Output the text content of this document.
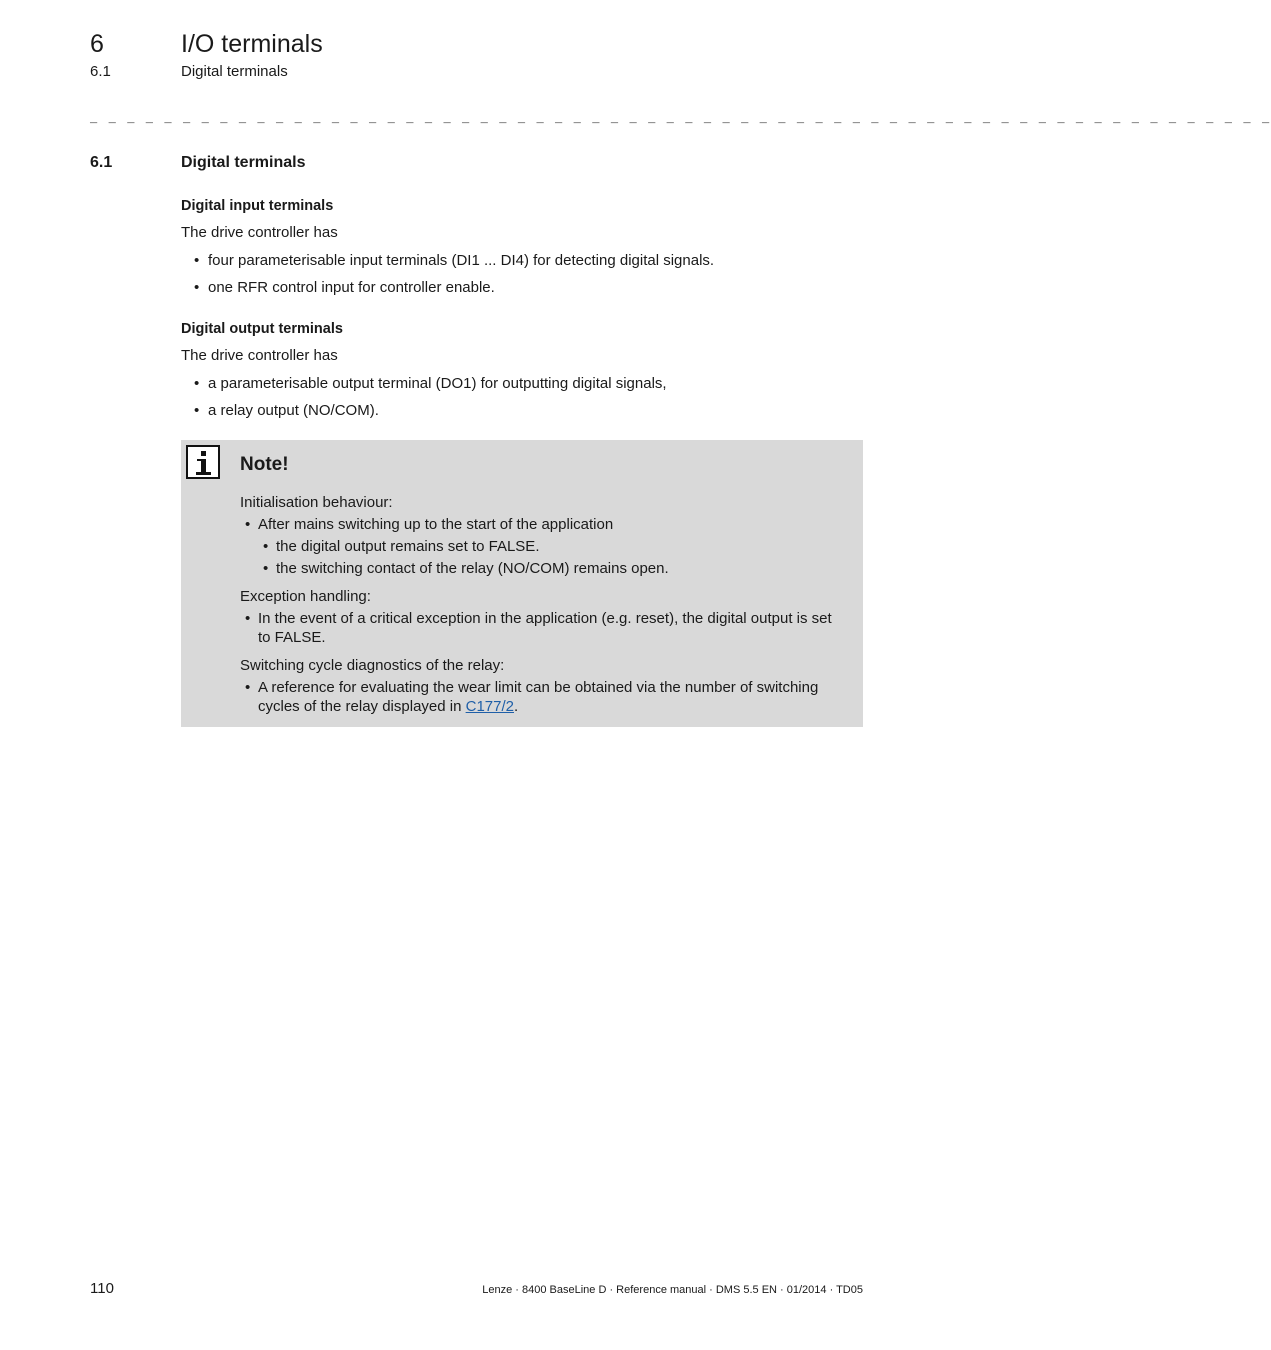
6	I/O terminals
6.1	Digital terminals
_ _ _ _ _ _ _ _ _ _ _ _ _ _ _ _ _ _ _ _ _ _ _ _ _ _ _ _ _ _ _ _ _ _ _ _ _ _ _ _ _ _ _ _ _ _ _ _ _ _ _ _ _ _ _ _ _ _ _ _ _ _ _ _
6.1	Digital terminals
Digital input terminals
The drive controller has
• four parameterisable input terminals (DI1 ... DI4) for detecting digital signals.
• one RFR control input for controller enable.
Digital output terminals
The drive controller has
• a parameterisable output terminal (DO1) for outputting digital signals,
• a relay output (NO/COM).
Note!
Initialisation behaviour:
• After mains switching up to the start of the application
• the digital output remains set to FALSE.
• the switching contact of the relay (NO/COM) remains open.
Exception handling:
• In the event of a critical exception in the application (e.g. reset), the digital output is set to FALSE.
Switching cycle diagnostics of the relay:
• A reference for evaluating the wear limit can be obtained via the number of switching cycles of the relay displayed in C177/2.
110	Lenze · 8400 BaseLine D · Reference manual · DMS 5.5 EN · 01/2014 · TD05
